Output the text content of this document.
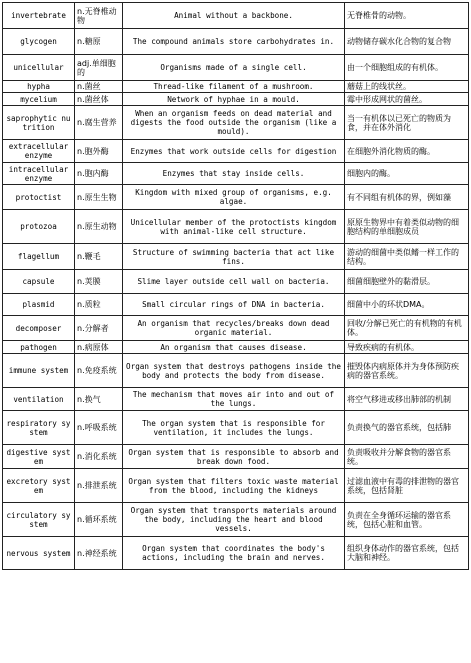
invertebrate	n.无脊椎动物	Animal without a backbone.	无脊椎骨的动物。
glycogen	n.糖原	The compound animals store carbohydrates in.	动物储存碳水化合物的复合物
unicellular	adj.单细胞的	Organisms made of a single cell.	由一个细胞组成的有机体。
hypha	n.菌丝	Thread-like filament of a mushroom.	蘑菇上的线状丝。
mycelium	n.菌丝体	Network of hyphae in a mould.	霉中形成网状的菌丝。
saprophytic nutrition	n.腐生营养	When an organism feeds on dead material and digests the food outside the organism (like a mould).	当一有机体以已死亡的物质为食，并在体外消化
extracellular enzyme	n.胞外酶	Enzymes that work outside cells for digestion	在细胞外消化物质的酶。
intracellular enzyme	n.胞内酶	Enzymes that stay inside cells.	细胞内的酶。
protoctist	n.原生生物	Kingdom with mixed group of organisms, e.g. algae.	有不同组有机体的界，例如藻
protozoa	n.原生动物	Unicellular member of the protoctists kingdom with animal-like cell structure.	原原生物界中有着类似动物的细胞结构的单细胞成员
flagellum	n.鞭毛	Structure of swimming bacteria that act like fins.	游动的细菌中类似鳍一样工作的结构。
capsule	n.荚膜	Slime layer outside cell wall on bacteria.	细菌细胞壁外的黏滑层。
plasmid	n.质粒	Small circular rings of DNA in bacteria.	细菌中小的环状DMA。
decomposer	n.分解者	An organism that recycles/breaks down dead organic material.	回收/分解已死亡的有机物的有机体。
pathogen	n.病原体	An organism that causes disease.	导致疾病的有机体。
immune system	n.免疫系统	Organ system that destroys pathogens inside the body and protects the body from disease.	摧毁体内病原体并为身体预防疾病的器官系统。
ventilation	n.换气	The mechanism that moves air into and out of the lungs.	将空气移进或移出肺部的机制
respiratory system	n.呼吸系统	The organ system that is responsible for ventilation, it includes the lungs.	负责换气的器官系统，包括肺
digestive system	n.消化系统	Organ system that is responsible to absorb and break down food.	负责吸收并分解食物的器官系统。
excretory system	n.排泄系统	Organ system that filters toxic waste material from the blood, including the kidneys	过滤血液中有毒的排泄物的器官系统，包括肾脏
circulatory system	n.循环系统	Organ system that transports materials around the body, including the heart and blood vessels.	负责在全身循环运输的器官系统，包括心脏和血管。
nervous system	n.神经系统	Organ system that coordinates the body's actions, including the brain and nerves.	组织身体动作的器官系统，包括大脑和神经。
